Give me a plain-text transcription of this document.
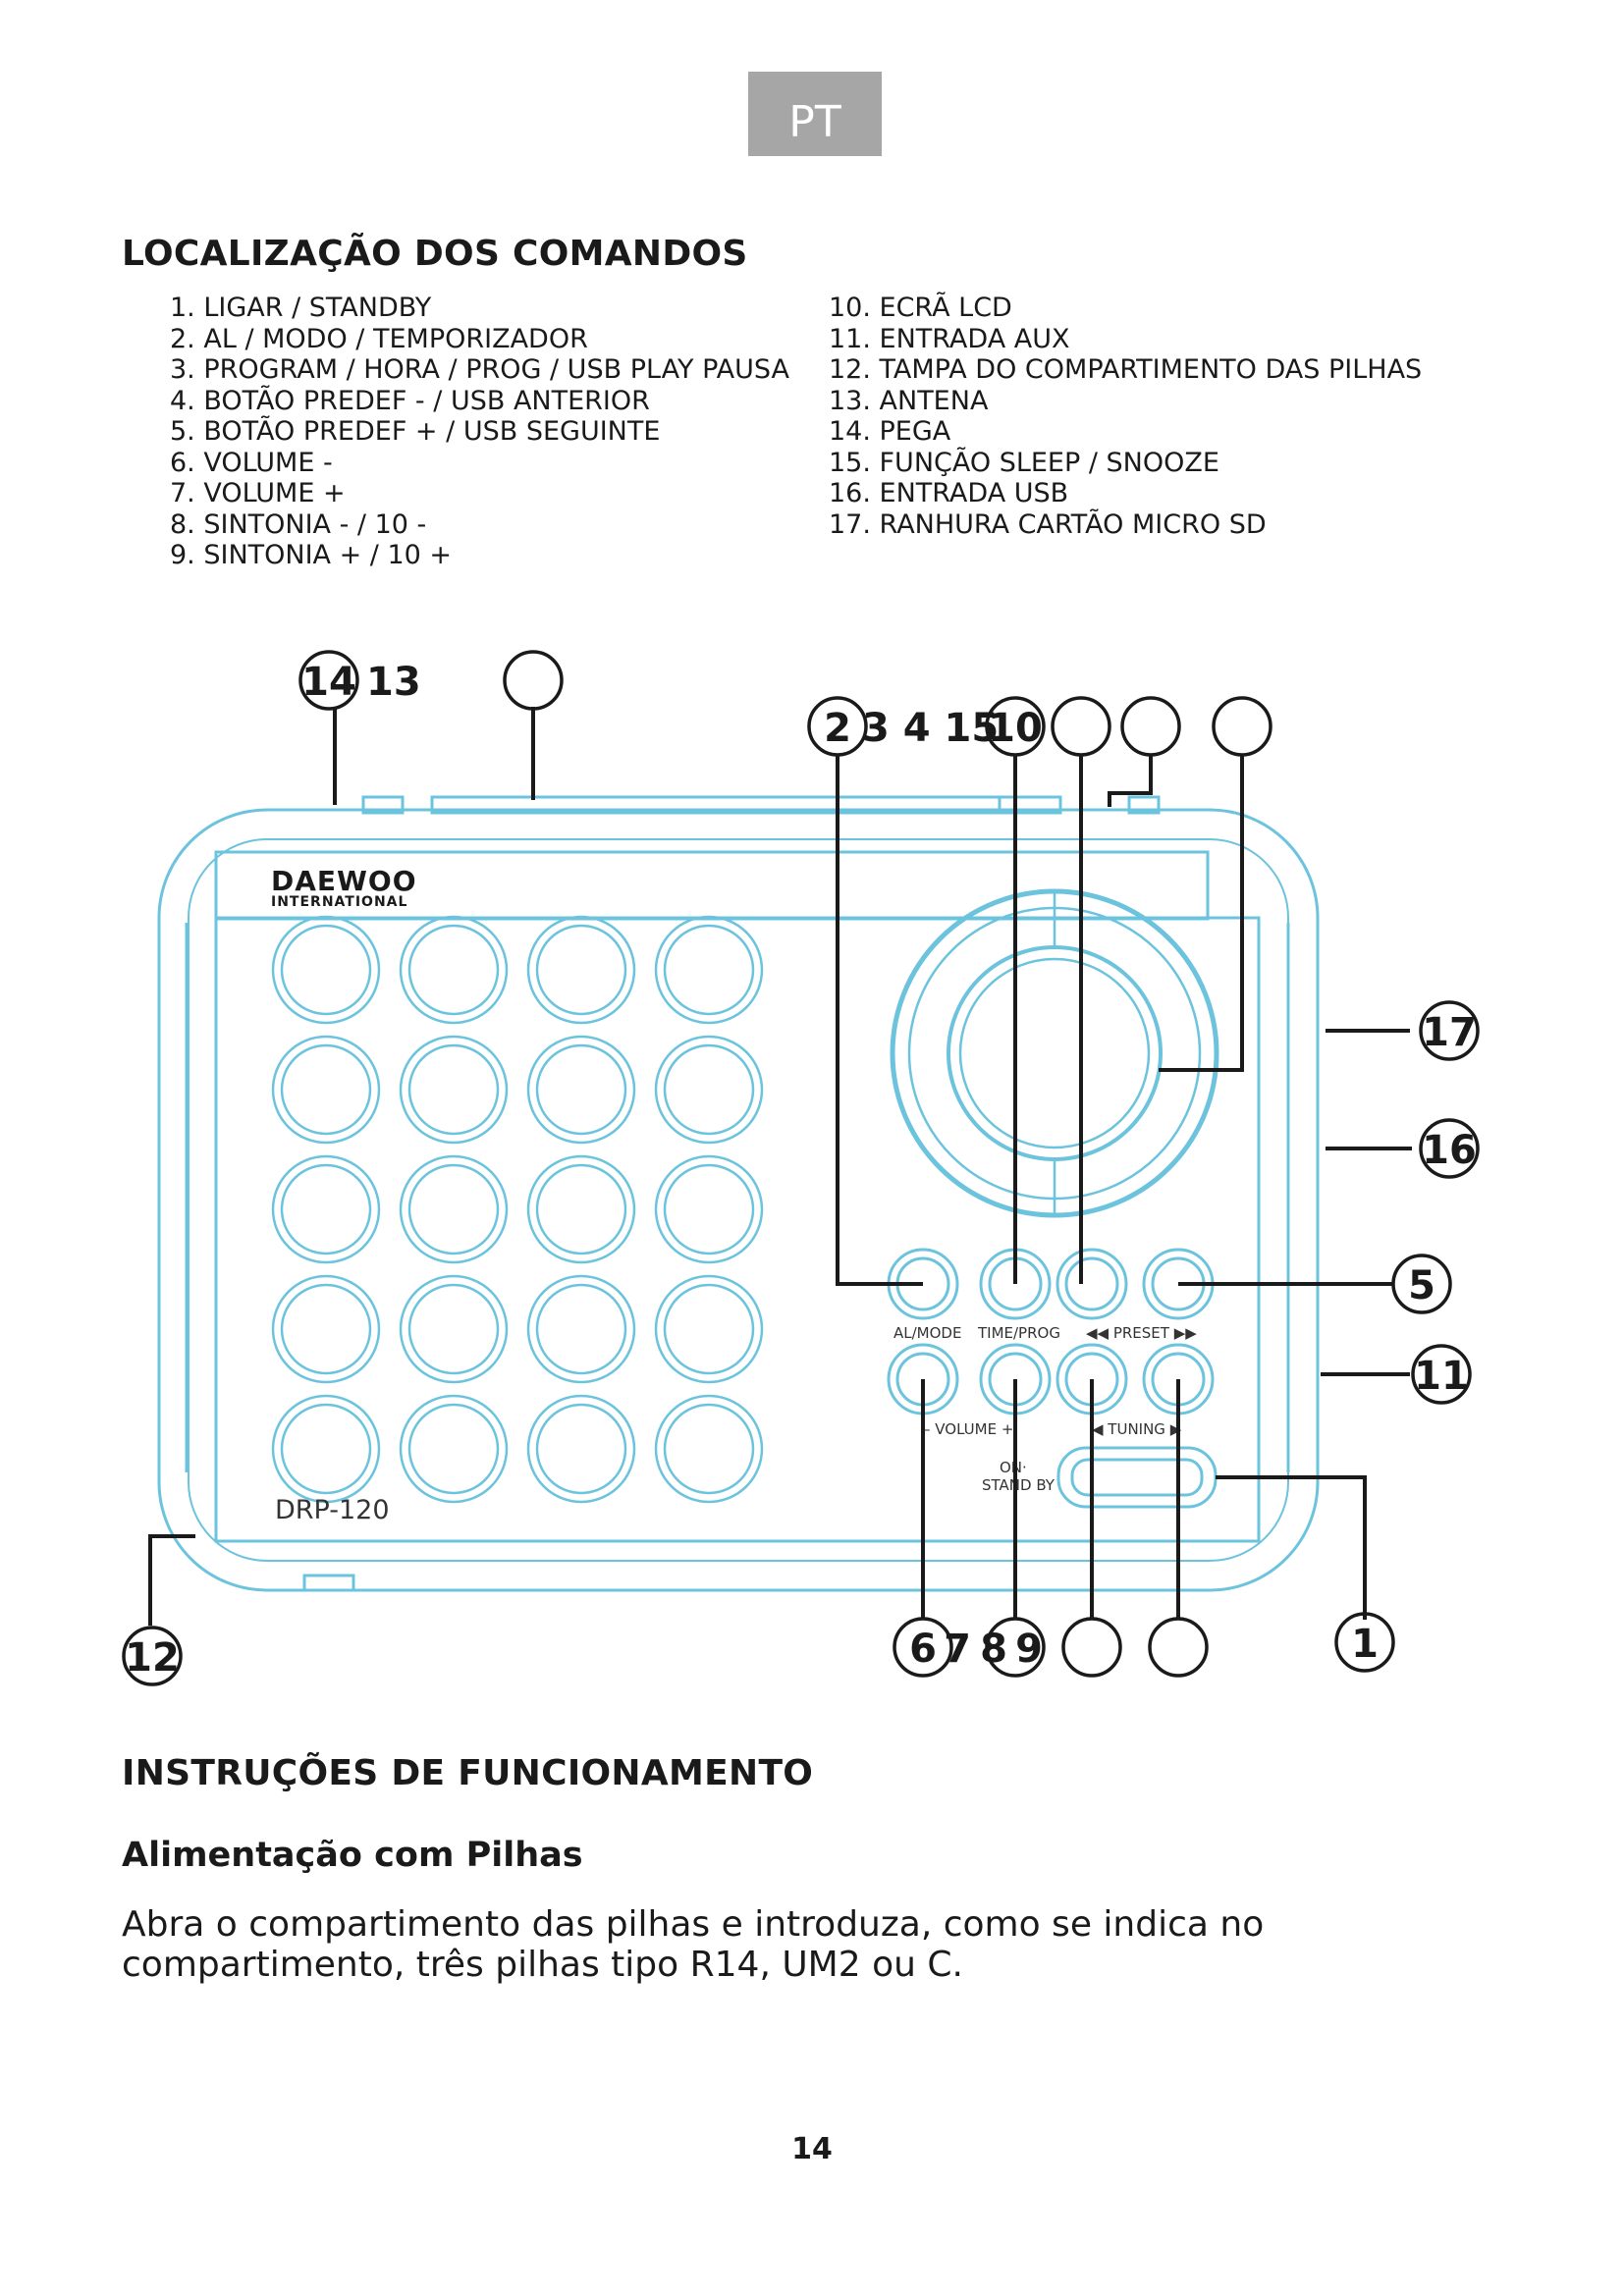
PT
LOCALIZAÇÃO DOS COMANDOS
1. LIGAR / STANDBY
2. AL / MODO / TEMPORIZADOR
3. PROGRAM / HORA / PROG / USB PLAY PAUSA
4. BOTÃO PREDEF - / USB ANTERIOR
5. BOTÃO PREDEF + / USB SEGUINTE
6. VOLUME -
7. VOLUME +
8. SINTONIA - / 10 -
9. SINTONIA + / 10 +
10. ECRÃ LCD
11. ENTRADA AUX
12. TAMPA DO COMPARTIMENTO DAS PILHAS
13. ANTENA
14. PEGA
15. FUNÇÃO SLEEP / SNOOZE
16. ENTRADA USB
17. RANHURA CARTÃO MICRO SD
DAEWOO
INTERNATIONAL
DRP-120
AL/MODE TIME/PROG ◀◀ PRESET ▶▶
– VOLUME +	◀ TUNING ▶
ON·
STAND BY
14 13
2 3 4 15
10
17
16
5
11
12	6 7 8 9	1
INSTRUÇÕES DE FUNCIONAMENTO
Alimentação com Pilhas

Abra o compartimento das pilhas e introduza, como se indica no compartimento, três pilhas tipo R14, UM2 ou C.

14
